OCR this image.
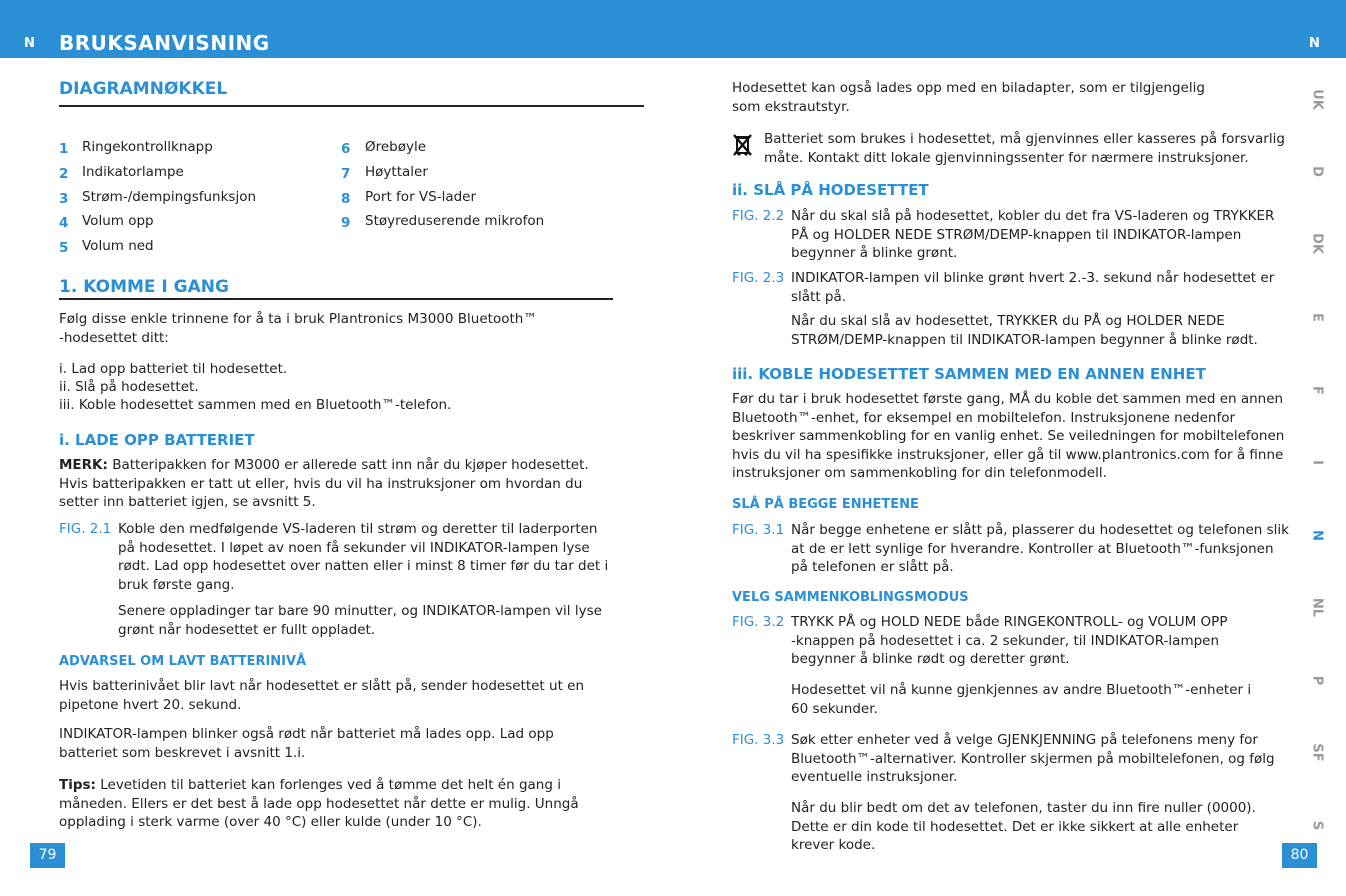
N BRUKSANVISNING	N
DIAGRAMNØKKEL
1 Ringekontrollknapp
2 Indikatorlampe
3 Strøm-/dempingsfunksjon
4 Volum opp
5 Volum ned
6 Ørebøyle
7 Høyttaler
8 Port for VS-lader
9 Støyreduserende mikrofon
1. KOMME I GANG
Følg disse enkle trinnene for å ta i bruk Plantronics M3000 Bluetooth™
-hodesettet ditt:
i. Lad opp batteriet til hodesettet.
ii. Slå på hodesettet.
iii. Koble hodesettet sammen med en Bluetooth™-telefon.
i. LADE OPP BATTERIET
MERK: Batteripakken for M3000 er allerede satt inn når du kjøper hodesettet.
Hvis batteripakken er tatt ut eller, hvis du vil ha instruksjoner om hvordan du
setter inn batteriet igjen, se avsnitt 5.
FIG. 2.1 Koble den medfølgende VS-laderen til strøm og deretter til laderporten
på hodesettet. I løpet av noen få sekunder vil INDIKATOR-lampen lyse
rødt. Lad opp hodesettet over natten eller i minst 8 timer før du tar det i
bruk første gang.
Senere oppladinger tar bare 90 minutter, og INDIKATOR-lampen vil lyse
grønt når hodesettet er fullt oppladet.
ADVARSEL OM LAVT BATTERINIVÅ
Hvis batterinivået blir lavt når hodesettet er slått på, sender hodesettet ut en
pipetone hvert 20. sekund.
INDIKATOR-lampen blinker også rødt når batteriet må lades opp. Lad opp
batteriet som beskrevet i avsnitt 1.i.
Tips: Levetiden til batteriet kan forlenges ved å tømme det helt én gang i
måneden. Ellers er det best å lade opp hodesettet når dette er mulig. Unngå
opplading i sterk varme (over 40 °C) eller kulde (under 10 °C).
79
Hodesettet kan også lades opp med en biladapter, som er tilgjengelig
som ekstrautstyr.
Batteriet som brukes i hodesettet, må gjenvinnes eller kasseres på forsvarlig
måte. Kontakt ditt lokale gjenvinningssenter for nærmere instruksjoner.
ii. SLÅ PÅ HODESETTET
FIG. 2.2 Når du skal slå på hodesettet, kobler du det fra VS-laderen og TRYKKER
PÅ og HOLDER NEDE STRØM/DEMP-knappen til INDIKATOR-lampen
begynner å blinke grønt.
FIG. 2.3 INDIKATOR-lampen vil blinke grønt hvert 2.-3. sekund når hodesettet er
slått på.
Når du skal slå av hodesettet, TRYKKER du PÅ og HOLDER NEDE
STRØM/DEMP-knappen til INDIKATOR-lampen begynner å blinke rødt.
iii. KOBLE HODESETTET SAMMEN MED EN ANNEN ENHET
Før du tar i bruk hodesettet første gang, MÅ du koble det sammen med en annen
Bluetooth™-enhet, for eksempel en mobiltelefon. Instruksjonene nedenfor
beskriver sammenkobling for en vanlig enhet. Se veiledningen for mobiltelefonen
hvis du vil ha spesifikke instruksjoner, eller gå til www.plantronics.com for å finne
instruksjoner om sammenkobling for din telefonmodell.
SLÅ PÅ BEGGE ENHETENE
FIG. 3.1 Når begge enhetene er slått på, plasserer du hodesettet og telefonen slik
at de er lett synlige for hverandre. Kontroller at Bluetooth™-funksjonen
på telefonen er slått på.
VELG SAMMENKOBLINGSMODUS
FIG. 3.2 TRYKK PÅ og HOLD NEDE både RINGEKONTROLL- og VOLUM OPP
-knappen på hodesettet i ca. 2 sekunder, til INDIKATOR-lampen
begynner å blinke rødt og deretter grønt.
Hodesettet vil nå kunne gjenkjennes av andre Bluetooth™-enheter i
60 sekunder.
FIG. 3.3 Søk etter enheter ved å velge GJENKJENNING på telefonens meny for
Bluetooth™-alternativer. Kontroller skjermen på mobiltelefonen, og følg
eventuelle instruksjoner.
Når du blir bedt om det av telefonen, taster du inn fire nuller (0000).
Dette er din kode til hodesettet. Det er ikke sikkert at alle enheter
krever kode.
80
UK
D
DK
E
F
I
N
NL
P
SF
S
